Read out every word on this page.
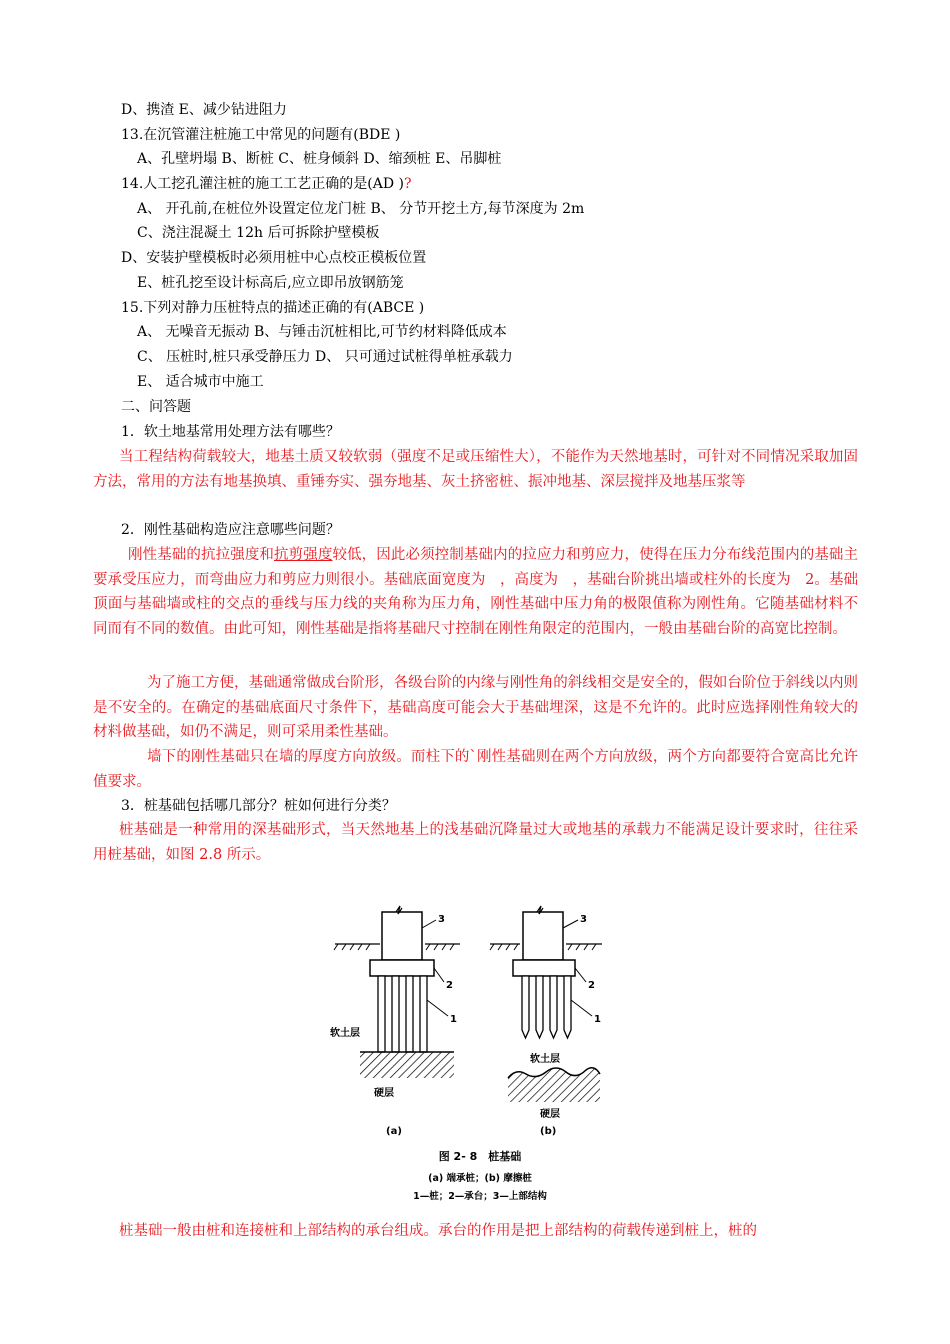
D、携渣 E、减少钻进阻力
13.在沉管灌注桩施工中常见的问题有(BDE )
A、孔壁坍塌 B、断桩 C、桩身倾斜 D、缩颈桩 E、吊脚桩
14.人工挖孔灌注桩的施工工艺正确的是(AD )?
A、 开孔前,在桩位外设置定位龙门桩 B、 分节开挖土方,每节深度为 2m
C、浇注混凝土 12h 后可拆除护壁模板
D、安装护壁模板时必须用桩中心点校正模板位置
E、桩孔挖至设计标高后,应立即吊放钢筋笼
15.下列对静力压桩特点的描述正确的有(ABCE )
A、 无噪音无振动 B、与锤击沉桩相比,可节约材料降低成本
C、 压桩时,桩只承受静压力 D、 只可通过试桩得单桩承载力
E、 适合城市中施工
二、问答题
1．软土地基常用处理方法有哪些？
当工程结构荷载较大，地基土质又较软弱（强度不足或压缩性大），不能作为天然地基时，可针对不同情况采取加固方法，常用的方法有地基换填、重锤夯实、强夯地基、灰土挤密桩、振冲地基、深层搅拌及地基压浆等
2．刚性基础构造应注意哪些问题？
刚性基础的抗拉强度和抗剪强度较低，因此必须控制基础内的拉应力和剪应力，使得在压力分布线范围内的基础主要承受压应力，而弯曲应力和剪应力则很小。基础底面宽度为　，高度为　，基础台阶挑出墙或柱外的长度为　2。基础顶面与基础墙或柱的交点的垂线与压力线的夹角称为压力角，刚性基础中压力角的极限值称为刚性角。它随基础材料不同而有不同的数值。由此可知，刚性基础是指将基础尺寸控制在刚性角限定的范围内，一般由基础台阶的高宽比控制。
为了施工方便，基础通常做成台阶形，各级台阶的内缘与刚性角的斜线相交是安全的，假如台阶位于斜线以内则是不安全的。在确定的基础底面尺寸条件下，基础高度可能会大于基础埋深，这是不允许的。此时应选择刚性角较大的材料做基础，如仍不满足，则可采用柔性基础。
墙下的刚性基础只在墙的厚度方向放级。而柱下的`刚性基础则在两个方向放级，两个方向都要符合宽高比允许值要求。
3．桩基础包括哪几部分？桩如何进行分类？
桩基础是一种常用的深基础形式，当天然地基上的浅基础沉降量过大或地基的承载力不能满足设计要求时，往往采用桩基础，如图 2.8 所示。
3
2
1
软土层
硬层
3
2
1
软土层
硬层
(a)	(b)
图 2- 8　桩基础
(a) 端承桩；(b) 摩擦桩
1—桩；2—承台；3—上部结构
桩基础一般由桩和连接桩和上部结构的承台组成。承台的作用是把上部结构的荷载传递到桩上，桩的
